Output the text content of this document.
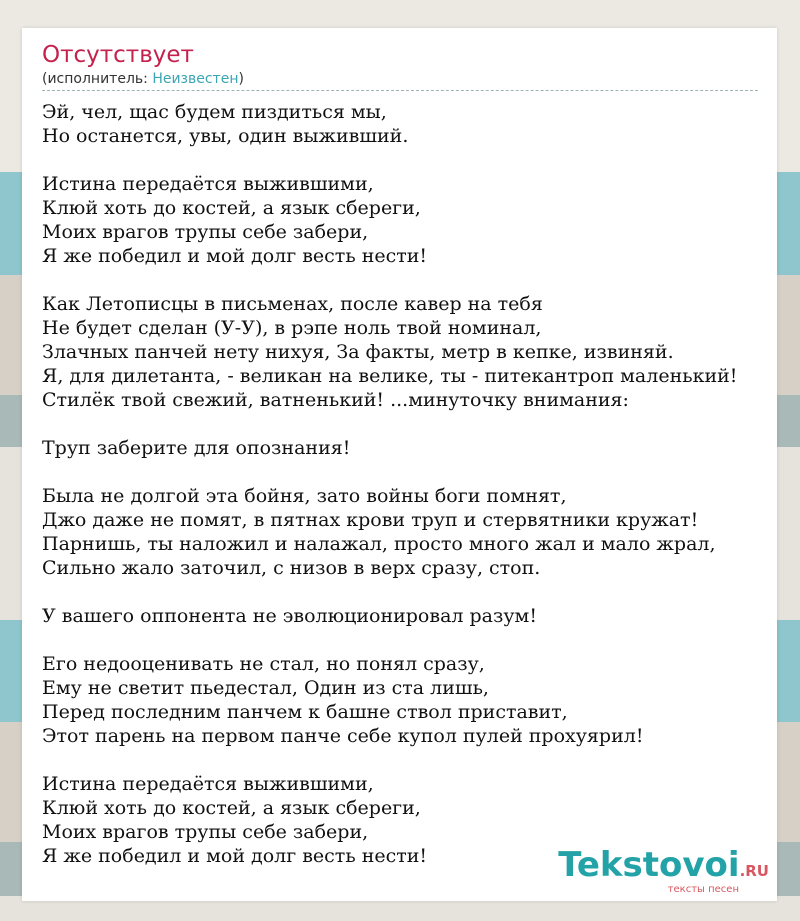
Отсутствует
(исполнитель: Неизвестен)
Эй, чел, щас будем пиздиться мы,
Но останется, увы, один выживший.

Истина передаётся выжившими,
Клюй хоть до костей, а язык сбереги,
Моих врагов трупы себе забери,
Я же победил и мой долг весть нести!

Как Летописцы в письменах, после кавер на тебя
Не будет сделан (У-У), в рэпе ноль твой номинал,
Злачных панчей нету нихуя, За факты, метр в кепке, извиняй.
Я, для дилетанта, - великан на велике, ты - питекантроп маленький!
Стилёк твой свежий, ватненький! ...минуточку внимания:

Труп заберите для опознания!

Была не долгой эта бойня, зато войны боги помнят,
Джо даже не помят, в пятнах крови труп и стервятники кружат!
Парнишь, ты наложил и налажал, просто много жал и мало жрал,
Сильно жало заточил, с низов в верх сразу, стоп.

У вашего оппонента не эволюционировал разум!

Его недооценивать не стал, но понял сразу,
Ему не светит пьедестал, Один из ста лишь,
Перед последним панчем к башне ствол приставит,
Этот парень на первом панче себе купол пулей прохуярил!

Истина передаётся выжившими,
Клюй хоть до костей, а язык сбереги,
Моих врагов трупы себе забери,
Я же победил и мой долг весть нести!	Tekstovoi.RU
тексты песен
